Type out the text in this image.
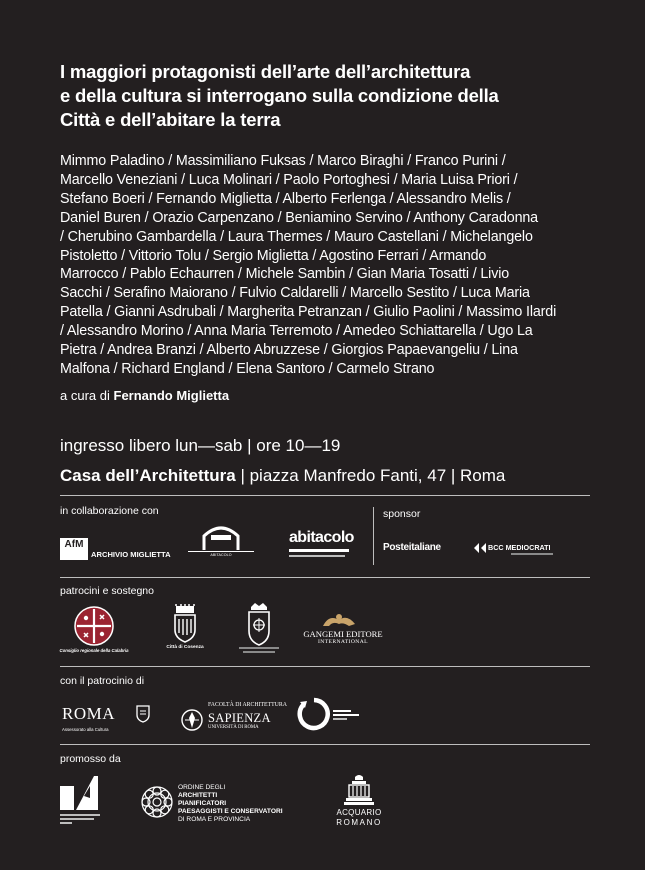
I maggiori protagonisti dell’arte dell’architettura
e della cultura si interrogano sulla condizione della
Città e dell’abitare la terra
Mimmo Paladino / Massimiliano Fuksas / Marco Biraghi / Franco Purini /
Marcello Veneziani / Luca Molinari / Paolo Portoghesi / Maria Luisa Priori /
Stefano Boeri / Fernando Miglietta / Alberto Ferlenga / Alessandro Melis /
Daniel Buren / Orazio Carpenzano / Beniamino Servino / Anthony Caradonna
/ Cherubino Gambardella / Laura Thermes / Mauro Castellani / Michelangelo
Pistoletto / Vittorio Tolu / Sergio Miglietta / Agostino Ferrari / Armando
Marrocco / Pablo Echaurren / Michele Sambin / Gian Maria Tosatti / Livio
Sacchi / Serafino Maiorano / Fulvio Caldarelli / Marcello Sestito / Luca Maria
Patella / Gianni Asdrubali / Margherita Petranzan / Giulio Paolini / Massimo Ilardi
/ Alessandro Morino / Anna Maria Terremoto / Amedeo Schiattarella / Ugo La
Pietra / Andrea Branzi / Alberto Abruzzese / Giorgios Papaevangeliu / Lina
Malfona / Richard England / Elena Santoro / Carmelo Strano
a cura di Fernando Miglietta
ingresso libero lun—sab | ore 10—19
Casa dell’Architettura | piazza Manfredo Fanti, 47 | Roma
in collaborazione con	sponsor
AfM
ARCHIVIO MIGLIETTA	ABITACOLO
abitacolo
Posteitaliane	BCC MEDIOCRATI
patrocini e sostegno
Consiglio regionale della Calabria
Città di Cosenza
GANGEMI EDITORE
INTERNATIONAL
con il patrocinio di
ROMA
Assessorato alla Cultura
FACOLTÀ DI ARCHITETTURA
SAPIENZA
UNIVERSITÀ DI ROMA
promosso da
ORDINE DEGLI
ARCHITETTI
PIANIFICATORI
PAESAGGISTI E CONSERVATORI
DI ROMA E PROVINCIA
ACQUARIO
ROMANO
